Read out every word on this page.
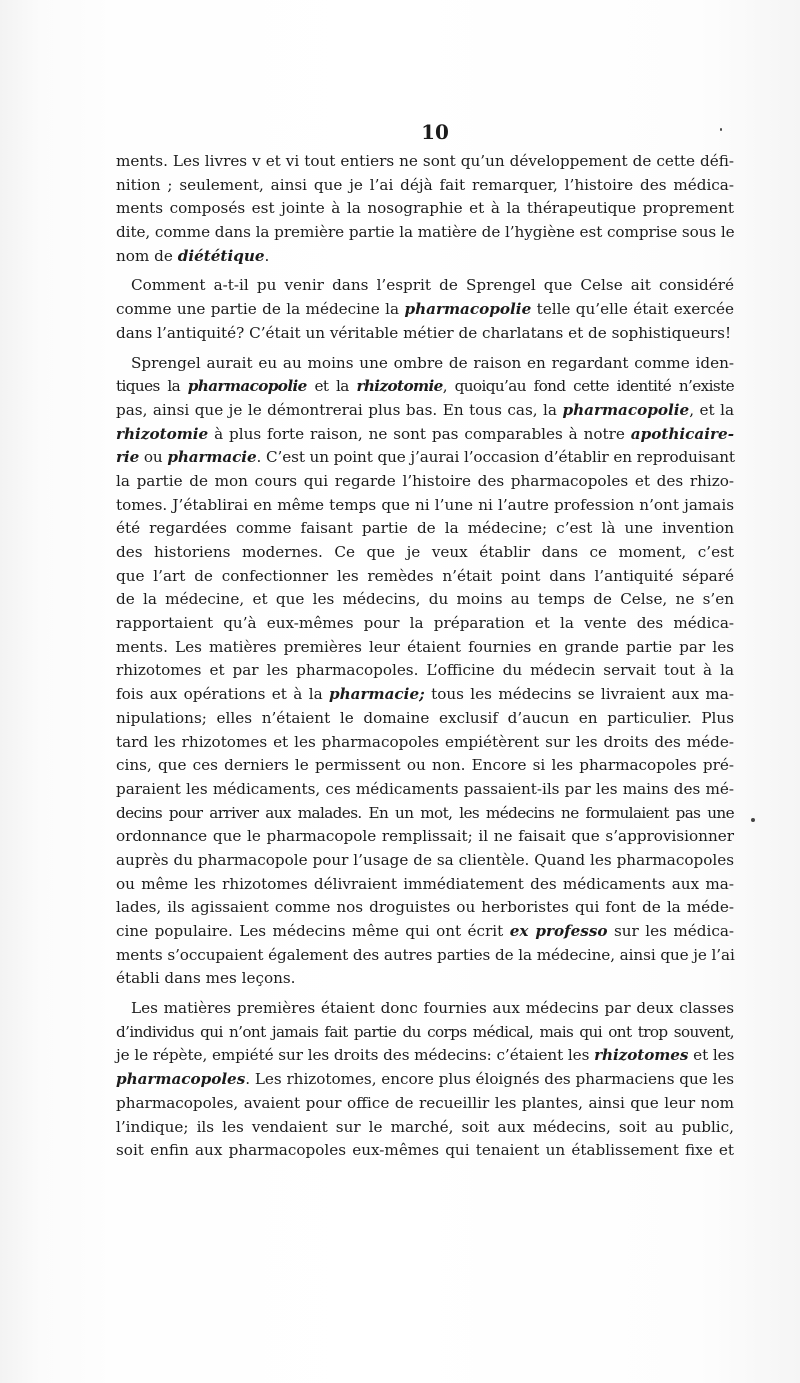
10
ments. Les livres v et vi tout entiers ne sont qu’un développement de cette défi-
nition ; seulement, ainsi que je l’ai déjà fait remarquer, l’histoire des médica-
ments composés est jointe à la nosographie et à la thérapeutique proprement
dite, comme dans la première partie la matière de l’hygiène est comprise sous le
nom de diététique.
Comment a-t-il pu venir dans l’esprit de Sprengel que Celse ait considéré
comme une partie de la médecine la pharmacopolie telle qu’elle était exercée
dans l’antiquité? C’était un véritable métier de charlatans et de sophistiqueurs!
Sprengel aurait eu au moins une ombre de raison en regardant comme iden-
tiques la pharmacopolie et la rhizotomie, quoiqu’au fond cette identité n’existe
pas, ainsi que je le démontrerai plus bas. En tous cas, la pharmacopolie, et la
rhizotomie à plus forte raison, ne sont pas comparables à notre apothicaire-
rie ou pharmacie. C’est un point que j’aurai l’occasion d’établir en reproduisant
la partie de mon cours qui regarde l’histoire des pharmacopoles et des rhizo-
tomes. J’établirai en même temps que ni l’une ni l’autre profession n’ont jamais
été regardées comme faisant partie de la médecine; c’est là une invention
des historiens modernes. Ce que je veux établir dans ce moment, c’est
que l’art de confectionner les remèdes n’était point dans l’antiquité séparé
de la médecine, et que les médecins, du moins au temps de Celse, ne s’en
rapportaient qu’à eux-mêmes pour la préparation et la vente des médica-
ments. Les matières premières leur étaient fournies en grande partie par les
rhizotomes et par les pharmacopoles. L’officine du médecin servait tout à la
fois aux opérations et à la pharmacie; tous les médecins se livraient aux ma-
nipulations; elles n’étaient le domaine exclusif d’aucun en particulier. Plus
tard les rhizotomes et les pharmacopoles empiétèrent sur les droits des méde-
cins, que ces derniers le permissent ou non. Encore si les pharmacopoles pré-
paraient les médicaments, ces médicaments passaient-ils par les mains des mé-
decins pour arriver aux malades. En un mot, les médecins ne formulaient pas une
ordonnance que le pharmacopole remplissait; il ne faisait que s’approvisionner
auprès du pharmacopole pour l’usage de sa clientèle. Quand les pharmacopoles
ou même les rhizotomes délivraient immédiatement des médicaments aux ma-
lades, ils agissaient comme nos droguistes ou herboristes qui font de la méde-
cine populaire. Les médecins même qui ont écrit ex professo sur les médica-
ments s’occupaient également des autres parties de la médecine, ainsi que je l’ai
établi dans mes leçons.
Les matières premières étaient donc fournies aux médecins par deux classes
d’individus qui n’ont jamais fait partie du corps médical, mais qui ont trop souvent,
je le répète, empiété sur les droits des médecins: c’étaient les rhizotomes et les
pharmacopoles. Les rhizotomes, encore plus éloignés des pharmaciens que les
pharmacopoles, avaient pour office de recueillir les plantes, ainsi que leur nom
l’indique; ils les vendaient sur le marché, soit aux médecins, soit au public,
soit enfin aux pharmacopoles eux-mêmes qui tenaient un établissement fixe et
